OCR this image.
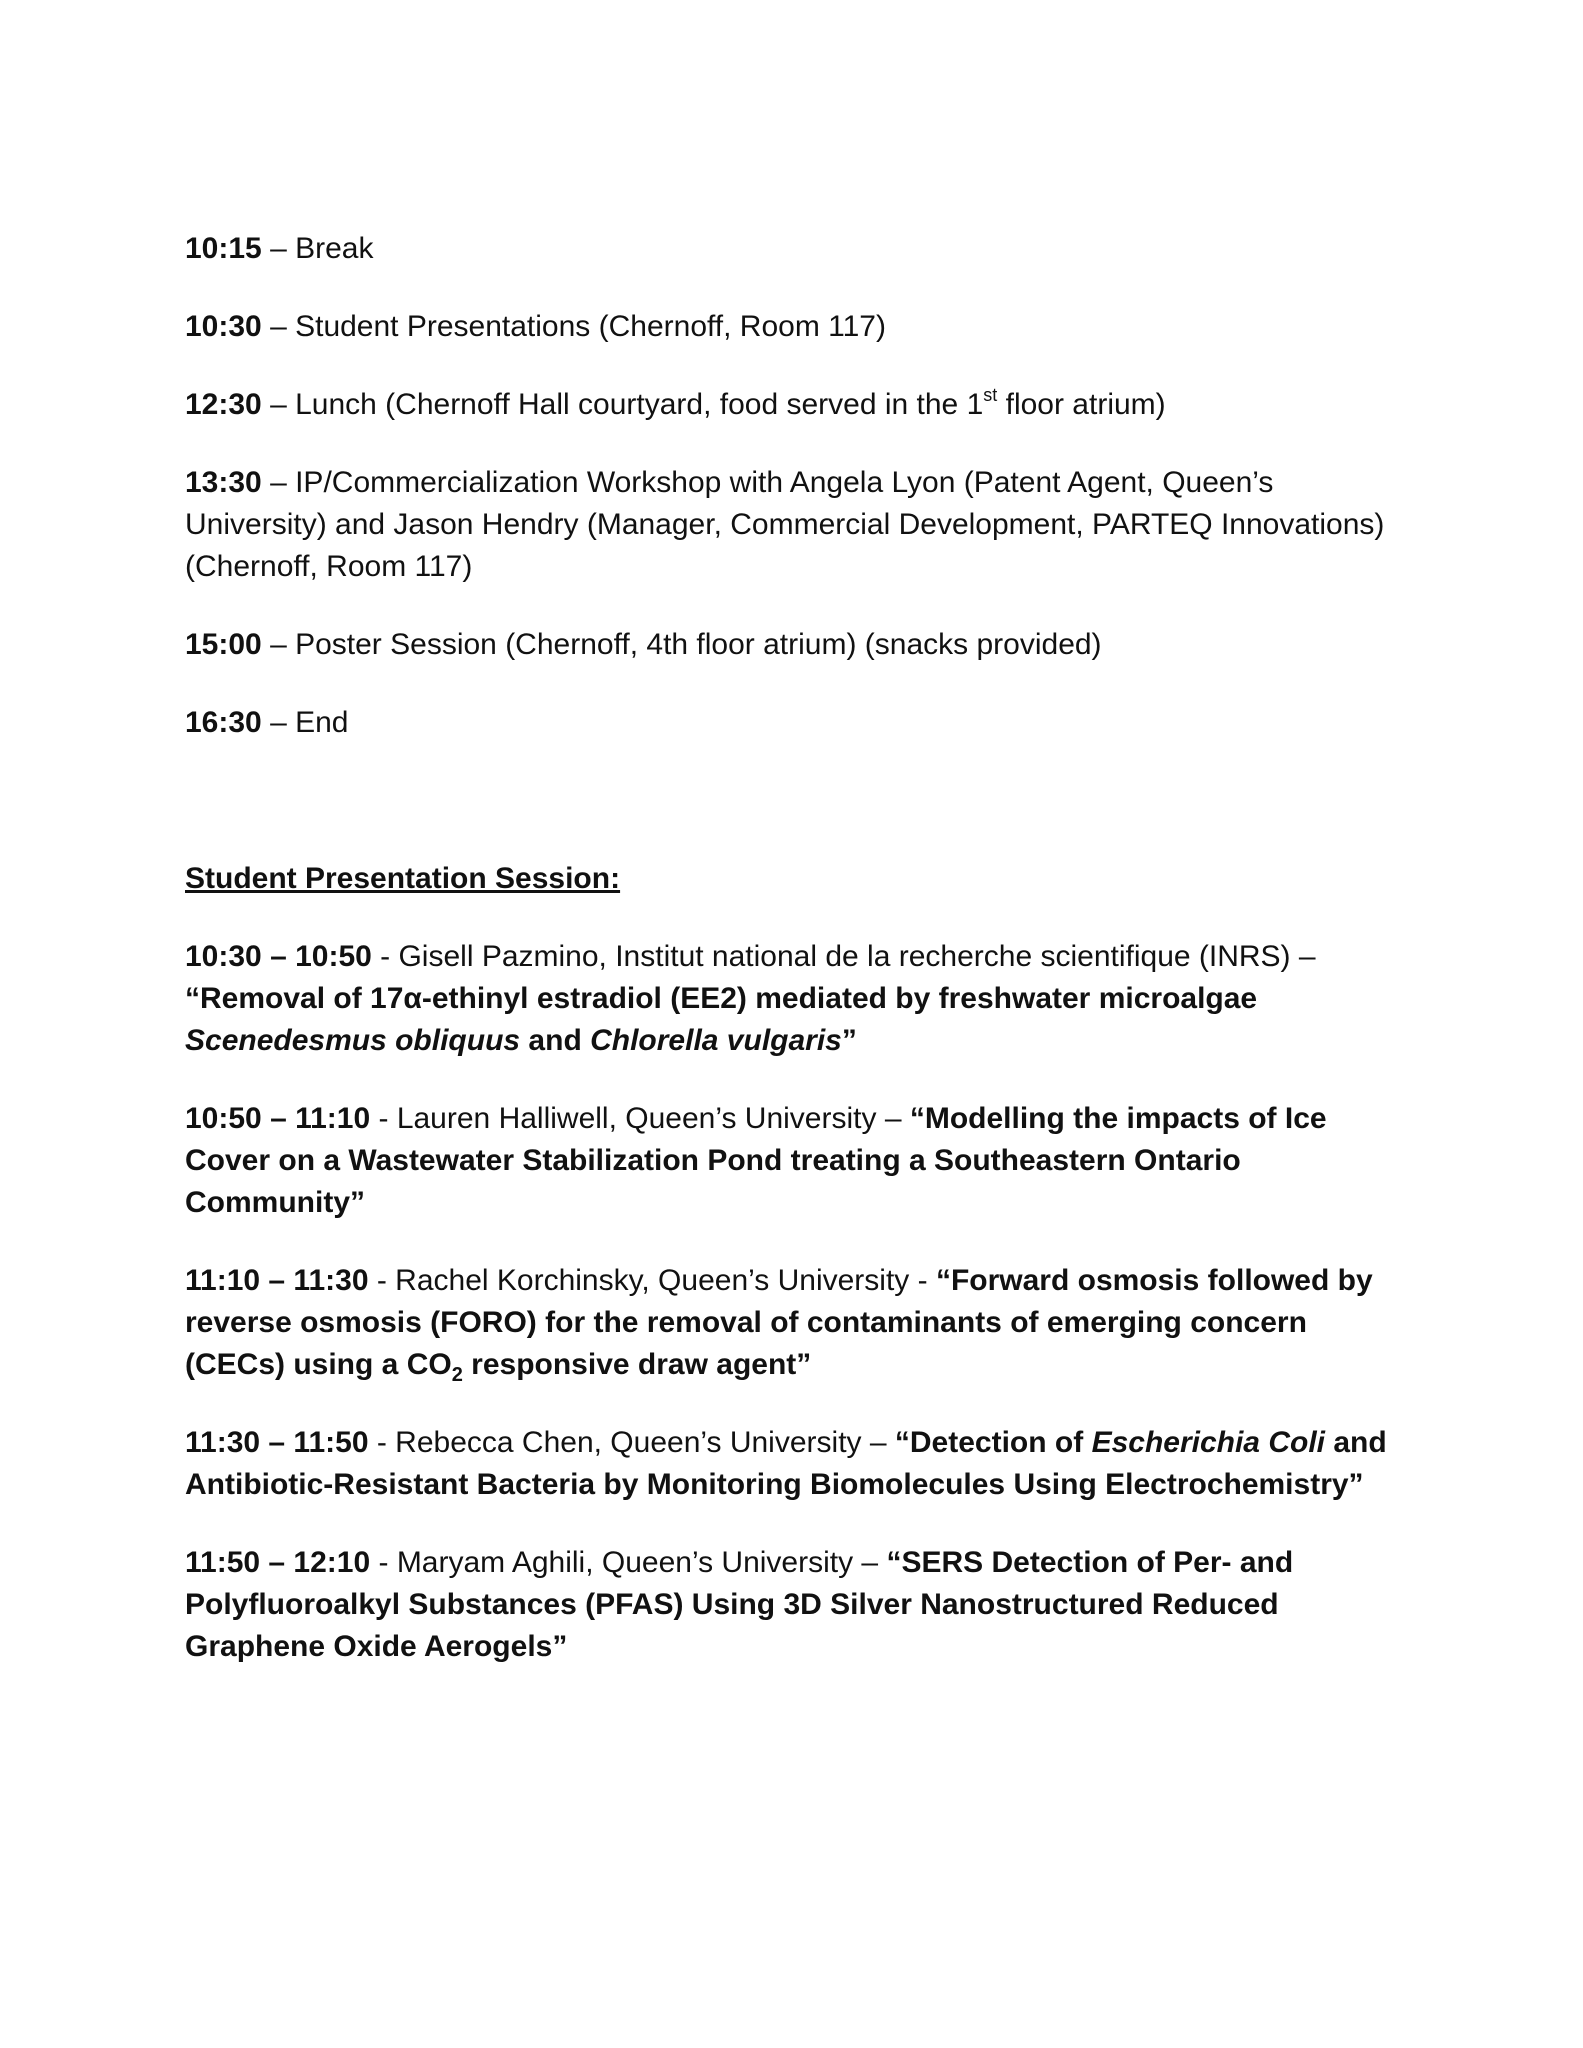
10:15 – Break

10:30 – Student Presentations (Chernoff, Room 117)

12:30 – Lunch (Chernoff Hall courtyard, food served in the 1st floor atrium)

13:30 – IP/Commercialization Workshop with Angela Lyon (Patent Agent, Queen’s University) and Jason Hendry (Manager, Commercial Development, PARTEQ Innovations) (Chernoff, Room 117)

15:00 – Poster Session (Chernoff, 4th floor atrium) (snacks provided)

16:30 – End

Student Presentation Session:

10:30 – 10:50 - Gisell Pazmino, Institut national de la recherche scientifique (INRS) – “Removal of 17α-ethinyl estradiol (EE2) mediated by freshwater microalgae Scenedesmus obliquus and Chlorella vulgaris”

10:50 – 11:10 - Lauren Halliwell, Queen’s University – “Modelling the impacts of Ice Cover on a Wastewater Stabilization Pond treating a Southeastern Ontario Community”

11:10 – 11:30 - Rachel Korchinsky, Queen’s University - “Forward osmosis followed by reverse osmosis (FORO) for the removal of contaminants of emerging concern (CECs) using a $CO_2$ responsive draw agent”

11:30 – 11:50 - Rebecca Chen, Queen’s University – “Detection of Escherichia Coli and Antibiotic-Resistant Bacteria by Monitoring Biomolecules Using Electrochemistry”

11:50 – 12:10 - Maryam Aghili, Queen’s University – “SERS Detection of Per- and Polyfluoroalkyl Substances (PFAS) Using 3D Silver Nanostructured Reduced Graphene Oxide Aerogels”
